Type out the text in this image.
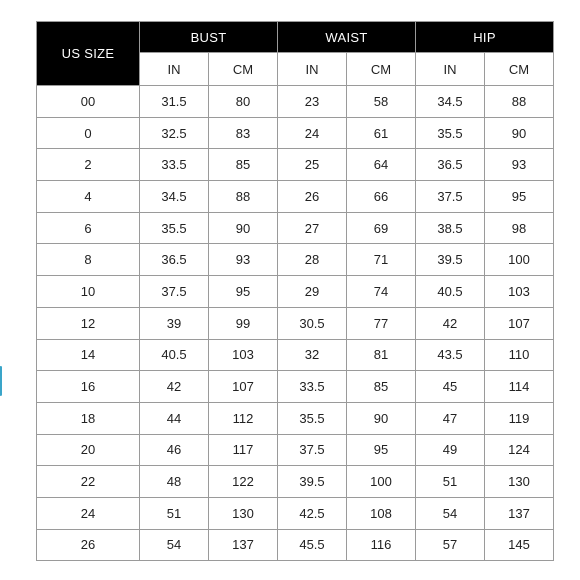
US SIZE	BUST		WAIST		HIP	
	IN	CM	IN	CM	IN	CM
00	31.5	80	23	58	34.5	88
0	32.5	83	24	61	35.5	90
2	33.5	85	25	64	36.5	93
4	34.5	88	26	66	37.5	95
6	35.5	90	27	69	38.5	98
8	36.5	93	28	71	39.5	100
10	37.5	95	29	74	40.5	103
12	39	99	30.5	77	42	107
14	40.5	103	32	81	43.5	110
16	42	107	33.5	85	45	114
18	44	112	35.5	90	47	119
20	46	117	37.5	95	49	124
22	48	122	39.5	100	51	130
24	51	130	42.5	108	54	137
26	54	137	45.5	116	57	145
